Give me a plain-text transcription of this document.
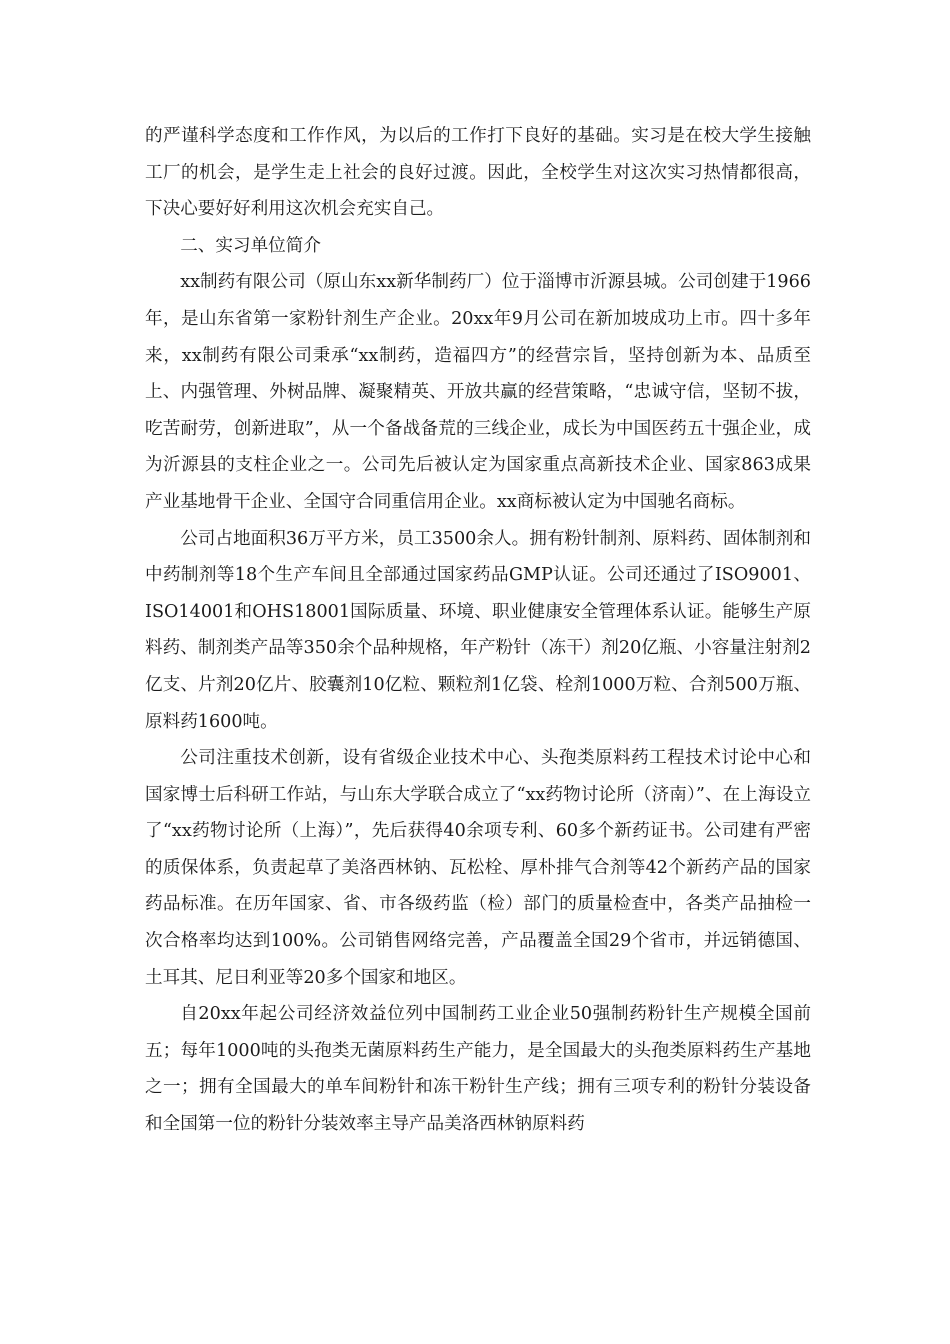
的严谨科学态度和工作作风，为以后的工作打下良好的基础。实习是在校大学生接触工厂的机会，是学生走上社会的良好过渡。因此，全校学生对这次实习热情都很高，下决心要好好利用这次机会充实自己。

二、实习单位简介

xx制药有限公司（原山东xx新华制药厂）位于淄博市沂源县城。公司创建于1966年，是山东省第一家粉针剂生产企业。20xx年9月公司在新加坡成功上市。四十多年来，xx制药有限公司秉承“xx制药，造福四方”的经营宗旨，坚持创新为本、品质至上、内强管理、外树品牌、凝聚精英、开放共赢的经营策略，“忠诚守信，坚韧不拔，吃苦耐劳，创新进取”，从一个备战备荒的三线企业，成长为中国医药五十强企业，成为沂源县的支柱企业之一。公司先后被认定为国家重点高新技术企业、国家863成果产业基地骨干企业、全国守合同重信用企业。xx商标被认定为中国驰名商标。

公司占地面积36万平方米，员工3500余人。拥有粉针制剂、原料药、固体制剂和中药制剂等18个生产车间且全部通过国家药品GMP认证。公司还通过了ISO9001、ISO14001和OHS18001国际质量、环境、职业健康安全管理体系认证。能够生产原料药、制剂类产品等350余个品种规格，年产粉针（冻干）剂20亿瓶、小容量注射剂2亿支、片剂20亿片、胶囊剂10亿粒、颗粒剂1亿袋、栓剂1000万粒、合剂500万瓶、原料药1600吨。

公司注重技术创新，设有省级企业技术中心、头孢类原料药工程技术讨论中心和国家博士后科研工作站，与山东大学联合成立了“xx药物讨论所（济南）”、在上海设立了“xx药物讨论所（上海）”，先后获得40余项专利、60多个新药证书。公司建有严密的质保体系，负责起草了美洛西林钠、瓦松栓、厚朴排气合剂等42个新药产品的国家药品标准。在历年国家、省、市各级药监（检）部门的质量检查中，各类产品抽检一次合格率均达到100%。公司销售网络完善，产品覆盖全国29个省市，并远销德国、土耳其、尼日利亚等20多个国家和地区。

自20xx年起公司经济效益位列中国制药工业企业50强制药粉针生产规模全国前五；每年1000吨的头孢类无菌原料药生产能力，是全国最大的头孢类原料药生产基地之一；拥有全国最大的单车间粉针和冻干粉针生产线；拥有三项专利的粉针分装设备和全国第一位的粉针分装效率主导产品美洛西林钠原料药
